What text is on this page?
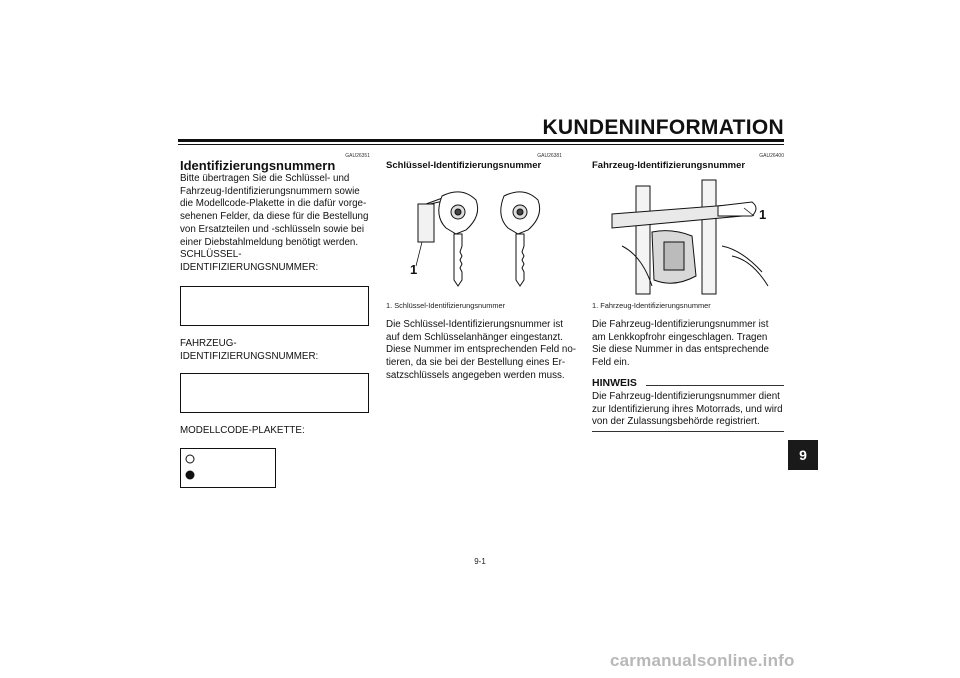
KUNDENINFORMATION
GAU26351
Identifizierungsnummern
Bitte übertragen Sie die Schlüssel- und
Fahrzeug-Identifizierungsnummern sowie
die Modellcode-Plakette in die dafür vorge-
sehenen Felder, da diese für die Bestellung
von Ersatzteilen und -schlüsseln sowie bei
einer Diebstahlmeldung benötigt werden.
SCHLÜSSEL-
IDENTIFIZIERUNGSNUMMER:
FAHRZEUG-
IDENTIFIZIERUNGSNUMMER:
MODELLCODE-PLAKETTE:
GAU26381
Schlüssel-Identifizierungsnummer
1
1. Schlüssel-Identifizierungsnummer
Die Schlüssel-Identifizierungsnummer ist
auf dem Schlüsselanhänger eingestanzt.
Diese Nummer im entsprechenden Feld no-
tieren, da sie bei der Bestellung eines Er-
satzschlüssels angegeben werden muss.
GAU26400
Fahrzeug-Identifizierungsnummer
1
1. Fahrzeug-Identifizierungsnummer
Die Fahrzeug-Identifizierungsnummer ist
am Lenkkopfrohr eingeschlagen. Tragen
Sie diese Nummer in das entsprechende
Feld ein.
HINWEIS
Die Fahrzeug-Identifizierungsnummer dient
zur Identifizierung ihres Motorrads, und wird
von der Zulassungsbehörde registriert.
9
9-1
carmanualsonline.info
